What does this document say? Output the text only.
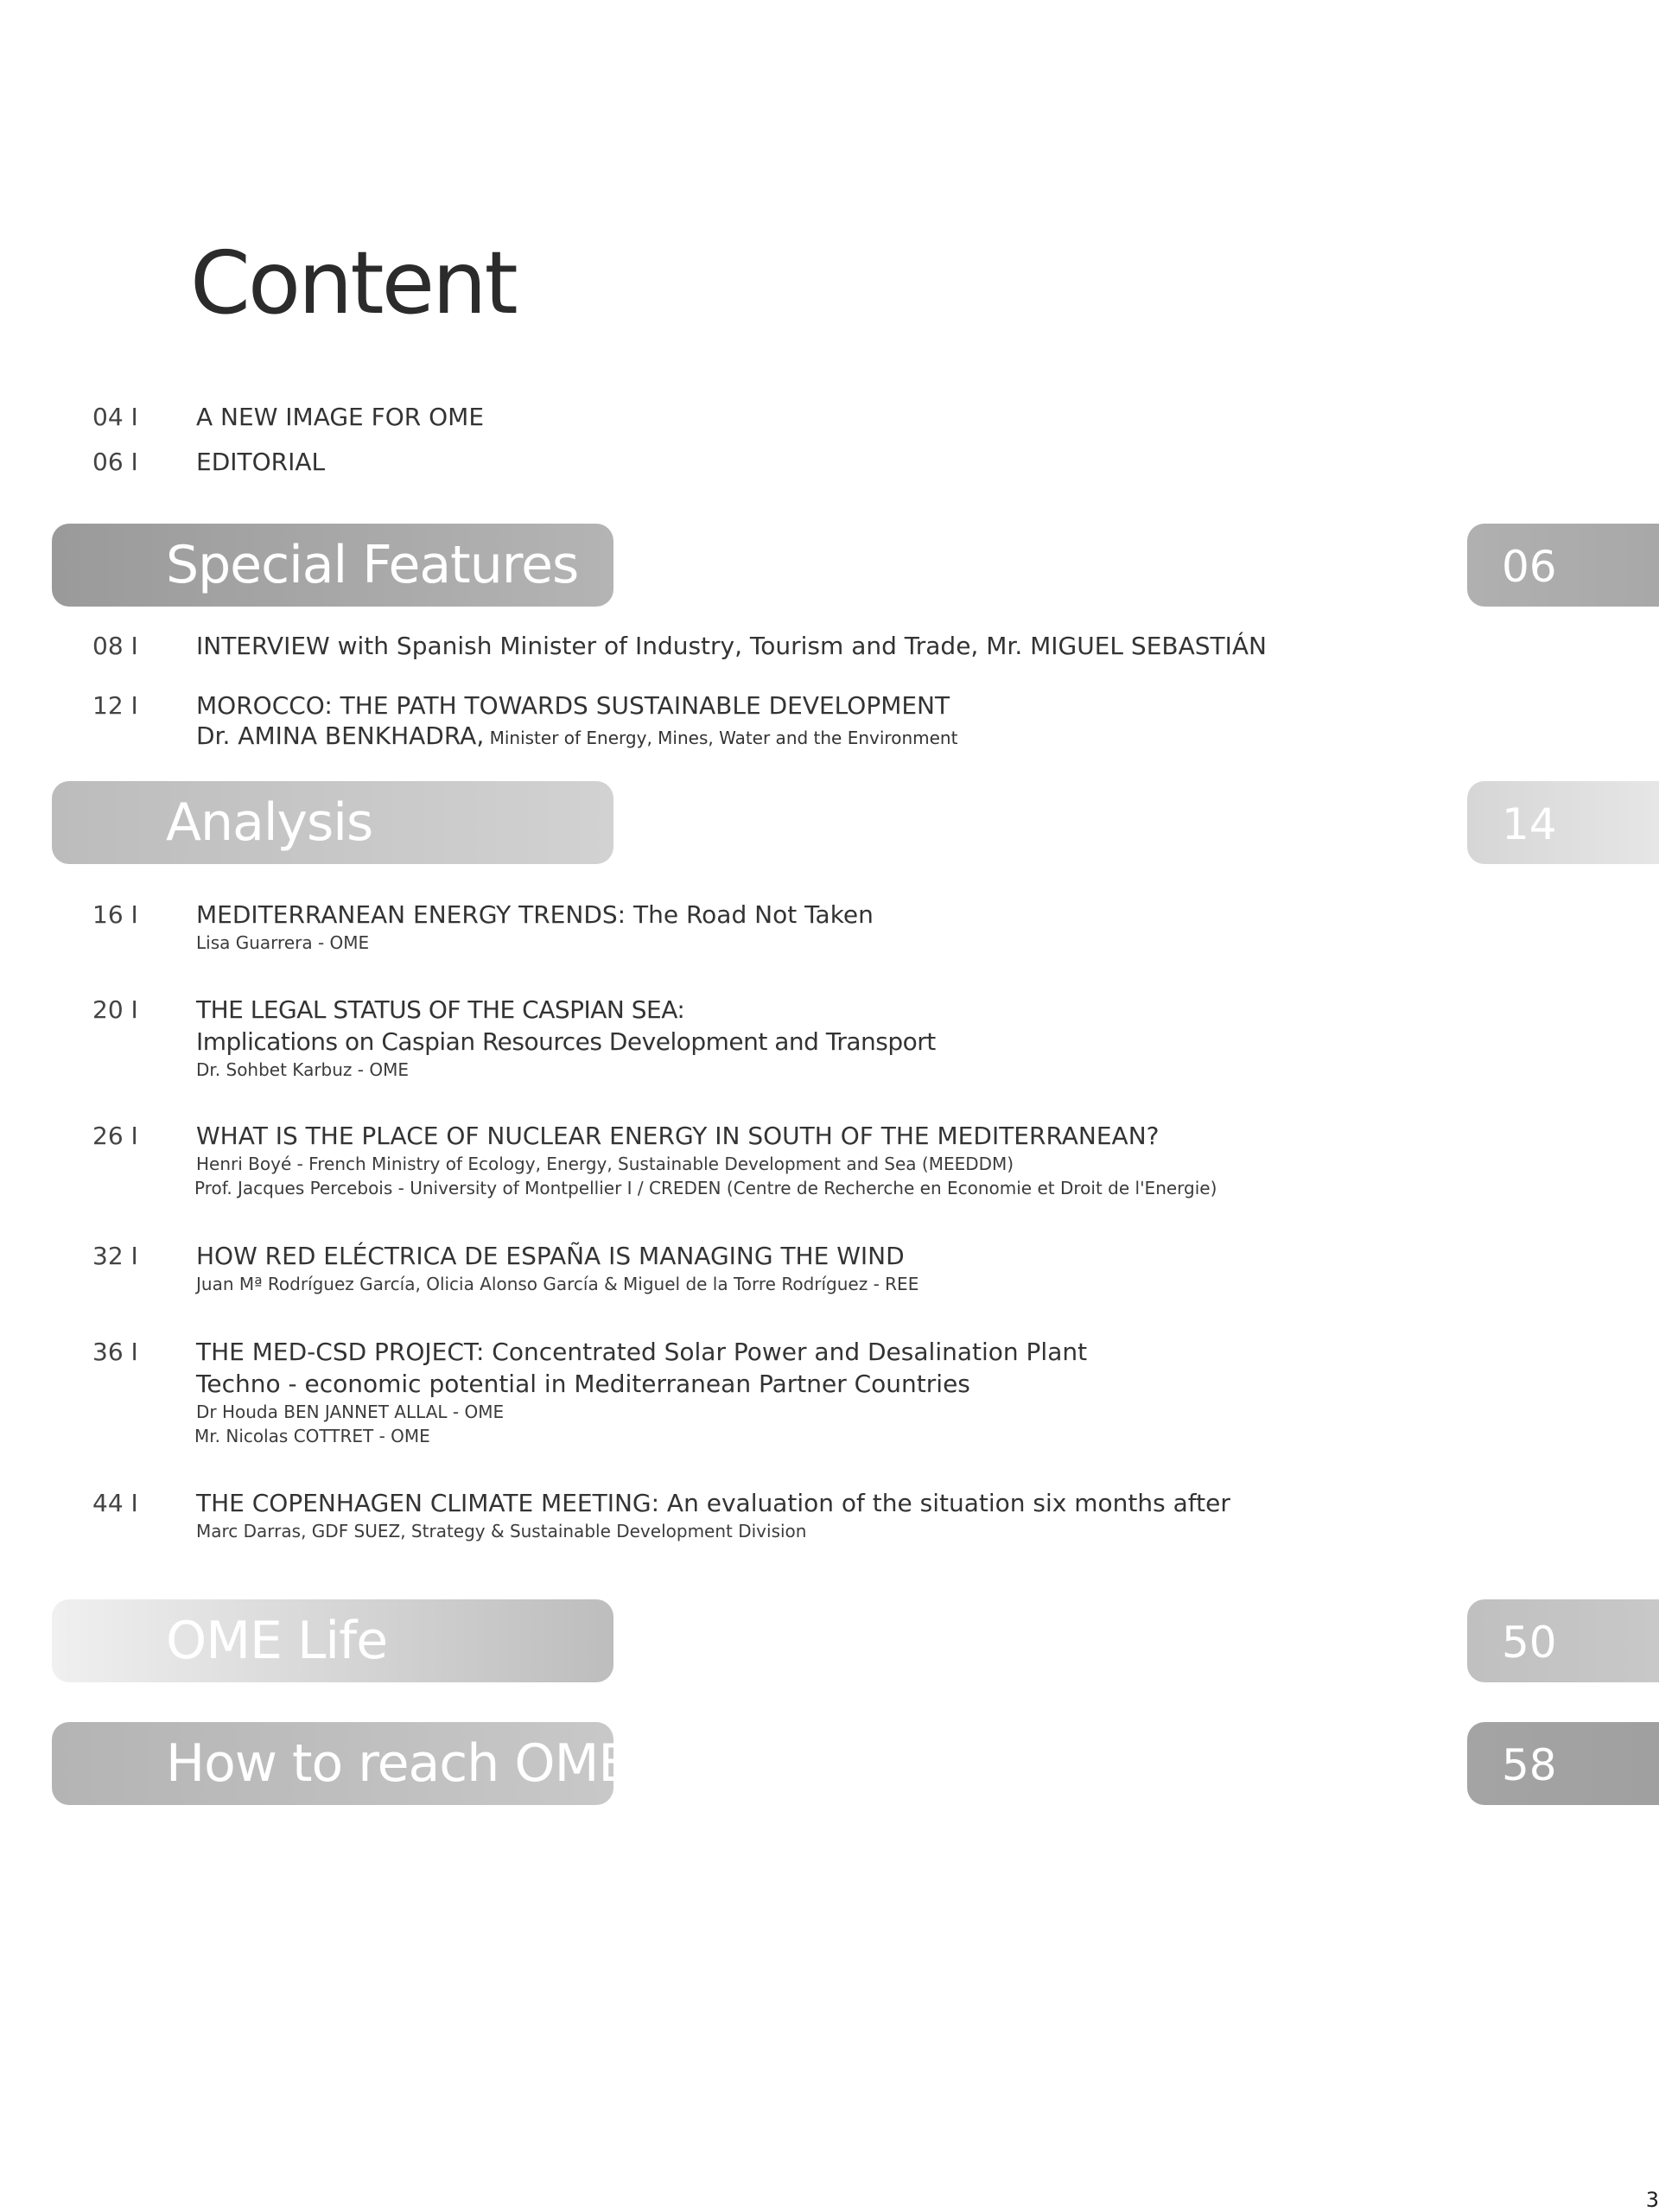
Content
04 I A NEW IMAGE FOR OME
06 I EDITORIAL
Special Features	06
08 I INTERVIEW with Spanish Minister of Industry, Tourism and Trade, Mr. MIGUEL SEBASTIÁN
12 I MOROCCO: THE PATH TOWARDS SUSTAINABLE DEVELOPMENT
Dr. AMINA BENKHADRA, Minister of Energy, Mines, Water and the Environment
Analysis	14
16 I MEDITERRANEAN ENERGY TRENDS: The Road Not Taken
Lisa Guarrera - OME
20 I THE LEGAL STATUS OF THE CASPIAN SEA:
Implications on Caspian Resources Development and Transport
Dr. Sohbet Karbuz - OME
26 I WHAT IS THE PLACE OF NUCLEAR ENERGY IN SOUTH OF THE MEDITERRANEAN?
Henri Boyé - French Ministry of Ecology, Energy, Sustainable Development and Sea (MEEDDM)
Prof. Jacques Percebois - University of Montpellier I / CREDEN (Centre de Recherche en Economie et Droit de l'Energie)
32 I HOW RED ELÉCTRICA DE ESPAÑA IS MANAGING THE WIND
Juan Mª Rodríguez García, Olicia Alonso García & Miguel de la Torre Rodríguez - REE
36 I THE MED-CSD PROJECT: Concentrated Solar Power and Desalination Plant
Techno - economic potential in Mediterranean Partner Countries
Dr Houda BEN JANNET ALLAL - OME
Mr. Nicolas COTTRET - OME
44 I THE COPENHAGEN CLIMATE MEETING: An evaluation of the situation six months after
Marc Darras, GDF SUEZ, Strategy & Sustainable Development Division
OME Life	50
How to reach OME	58
3
